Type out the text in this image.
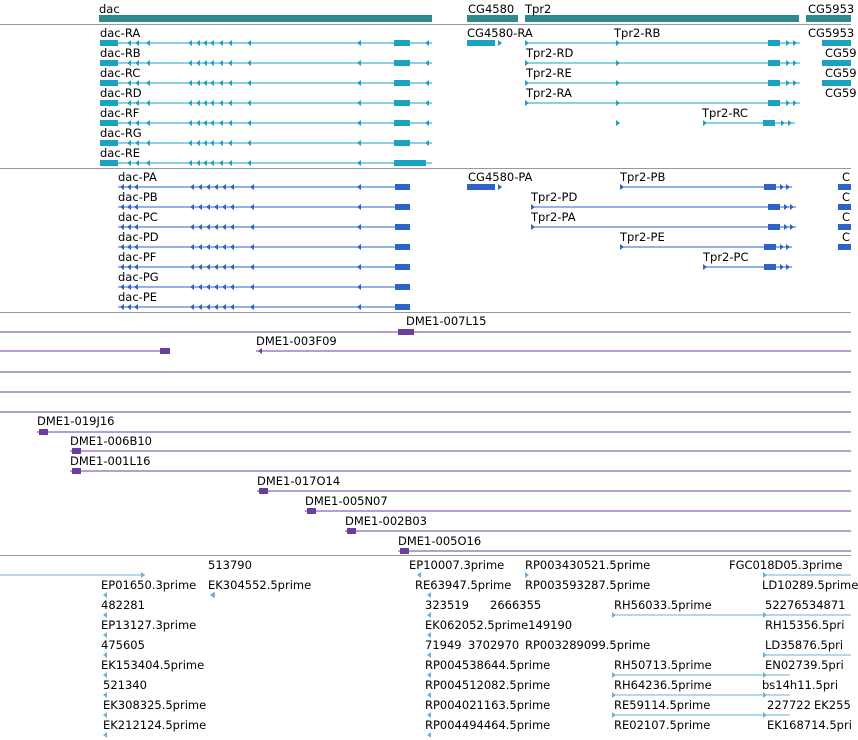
dac	CG4580 Tpr2	CG5953
dac-RA
dac-RB
dac-RC
dac-RD
dac-RF
dac-RG
dac-RE
CG4580-RA	Tpr2-RB	CG5953
Tpr2-RD	CG59
Tpr2-RE	CG59
Tpr2-RA	CG59
Tpr2-RC
dac-PA
dac-PB
dac-PC
dac-PD
dac-PF
dac-PG
dac-PE
CG4580-PA	Tpr2-PB
Tpr2-PD
Tpr2-PA
Tpr2-PE
Tpr2-PC
C
C
C
C
DME1-007L15
DME1-003F09
DME1-019J16
DME1-006B10
DME1-001L16
DME1-017O14
DME1-005N07
DME1-002B03
DME1-005O16
513790	EP10007.3prime RP003430521.5prime	FGC018D05.3prime
EP01650.3prime EK304552.5prime	RE63947.5prime RP003593287.5prime	LD10289.5prime
482281	323519 2666355	RH56033.5prime	52276534871
EP13127.3prime	EK062052.5prime149190	RH15356.5pri
475605	71949 3702970 RP003289099.5prime	LD35876.5pri
EK153404.5prime	RP004538644.5prime	RH50713.5prime	EN02739.5pri
521340	RP004512082.5prime	RH64236.5prime	bs14h11.5pri
EK308325.5prime	RP004021163.5prime	RE59114.5prime	227722 EK255
EK212124.5prime	RP004494464.5prime	RE02107.5prime	EK168714.5pri
